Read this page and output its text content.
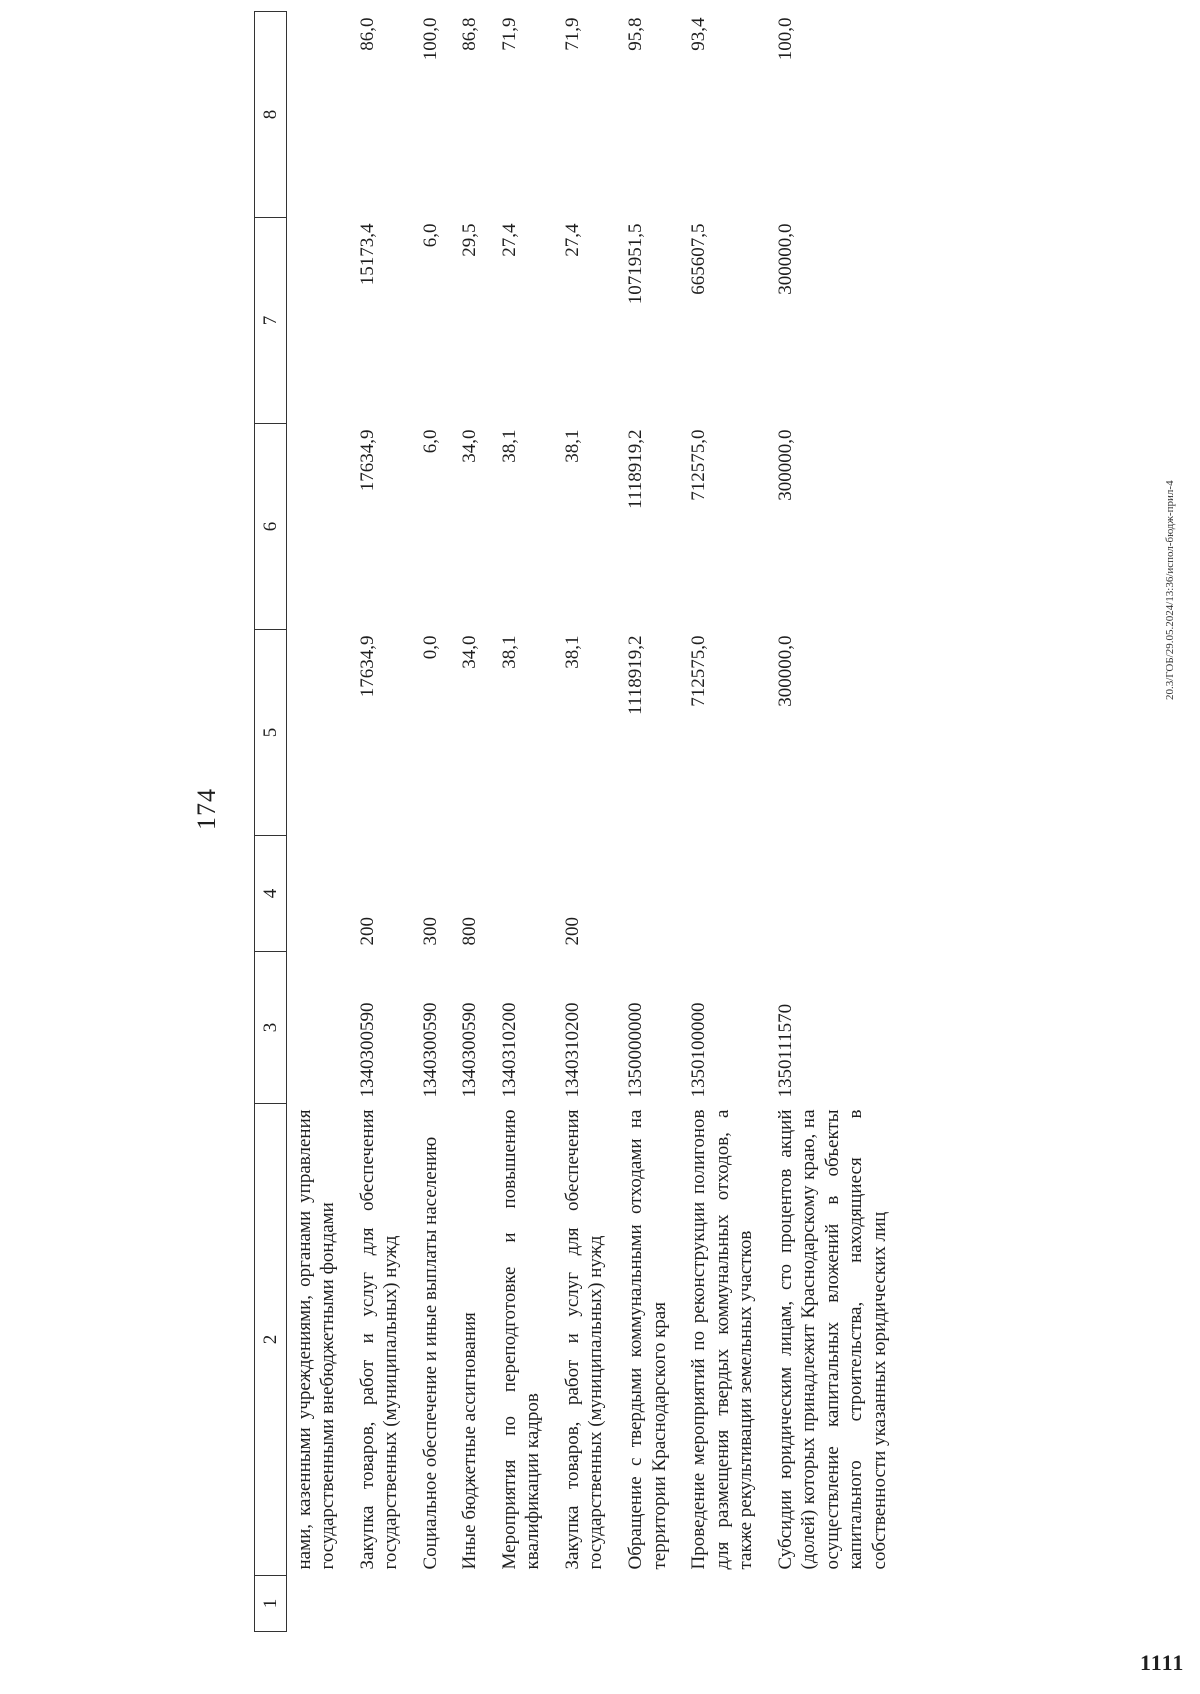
174
1	2	3	4	5	6	7	8
	нами, казенными учреждениями, органами управления государственными внебюджетными фондами						
	Закупка товаров, работ и услуг для обеспечения государственных (муниципальных) нужд	1340300590	200	17634,9	17634,9	15173,4	86,0
	Социальное обеспечение и иные выплаты населению	1340300590	300	0,0	6,0	6,0	100,0
	Иные бюджетные ассигнования	1340300590	800	34,0	34,0	29,5	86,8
	Мероприятия по переподготовке и повышению квалификации кадров	1340310200		38,1	38,1	27,4	71,9
	Закупка товаров, работ и услуг для обеспечения государственных (муниципальных) нужд	1340310200	200	38,1	38,1	27,4	71,9
	Обращение с твердыми коммунальными отходами на территории Краснодарского края	1350000000		1118919,2	1118919,2	1071951,5	95,8
	Проведение мероприятий по реконструкции полигонов для размещения твердых коммунальных отходов, а также рекультивации земельных участков	1350100000		712575,0	712575,0	665607,5	93,4
	Субсидии юридическим лицам, сто процентов акций (долей) которых принадлежит Краснодарскому краю, на осуществление капитальных вложений в объекты капитального строительства, находящиеся в собственности указанных юридических лиц	1350111570		300000,0	300000,0	300000,0	100,0
20.3/ГОБ/29.05.2024/13:36/испол-бюдж-прил-4
1111
